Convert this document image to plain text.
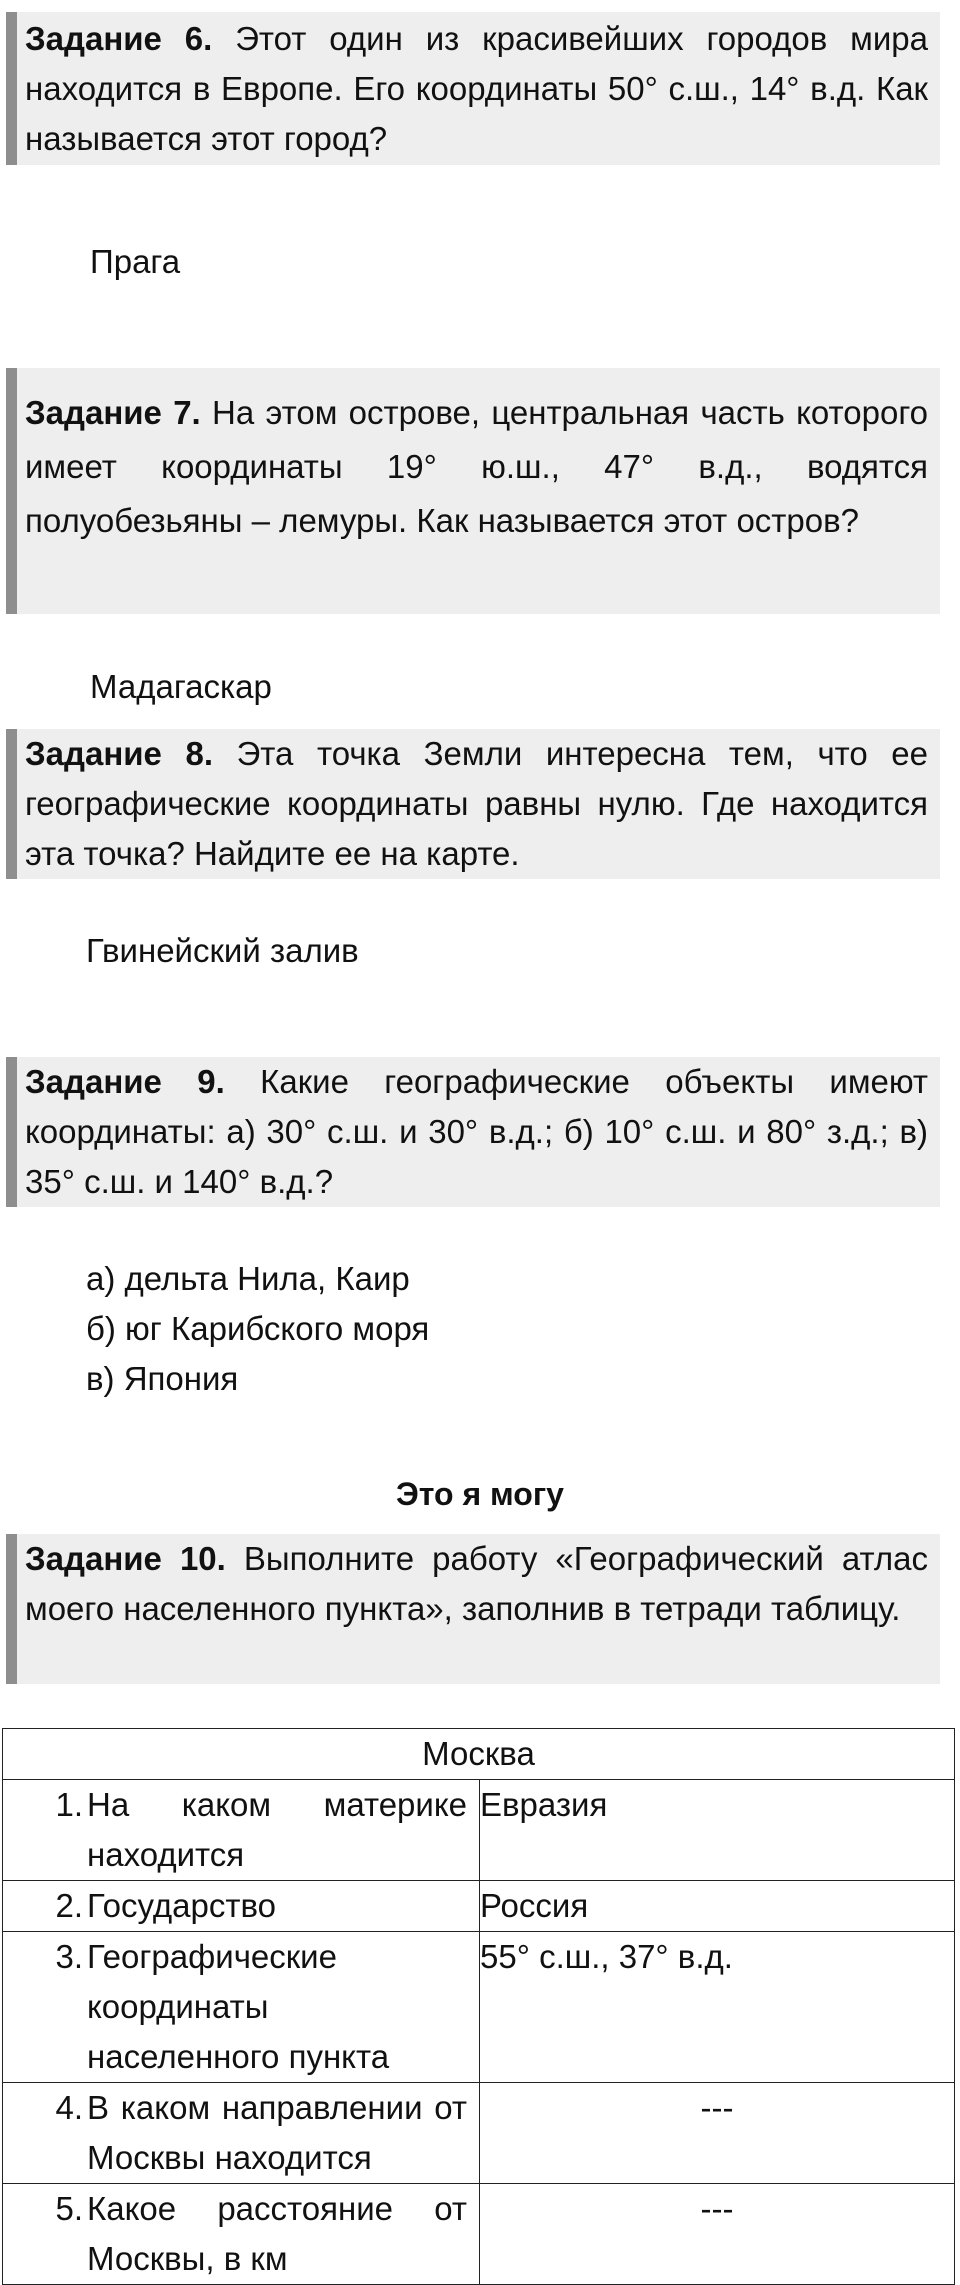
Задание 6. Этот один из красивейших городов мира находится в Европе. Его координаты 50° с.ш., 14° в.д. Как называется этот город?
Прага
Задание 7. На этом острове, центральная часть которого имеет координаты 19° ю.ш., 47° в.д., водятся полуобезьяны – лемуры. Как называется этот остров?
Мадагаскар
Задание 8. Эта точка Земли интересна тем, что ее географические координаты равны нулю. Где находится эта точка? Найдите ее на карте.
Гвинейский залив
Задание 9. Какие географические объекты имеют координаты: а) 30° с.ш. и 30° в.д.; б) 10° с.ш. и 80° з.д.; в) 35° с.ш. и 140° в.д.?
а) дельта Нила, Каир
б) юг Карибского моря
в) Япония
Это я могу
Задание 10. Выполните работу «Географический атлас моего населенного пункта», заполнив в тетради таблицу.
Москва	

1. На каком материке находится	Евразия

2. Государство	Россия

3. Географические координаты населенного пункта	55° с.ш., 37° в.д.

4. В каком направлении от Москвы находится	---

5. Какое расстояние от Москвы, в км	---
